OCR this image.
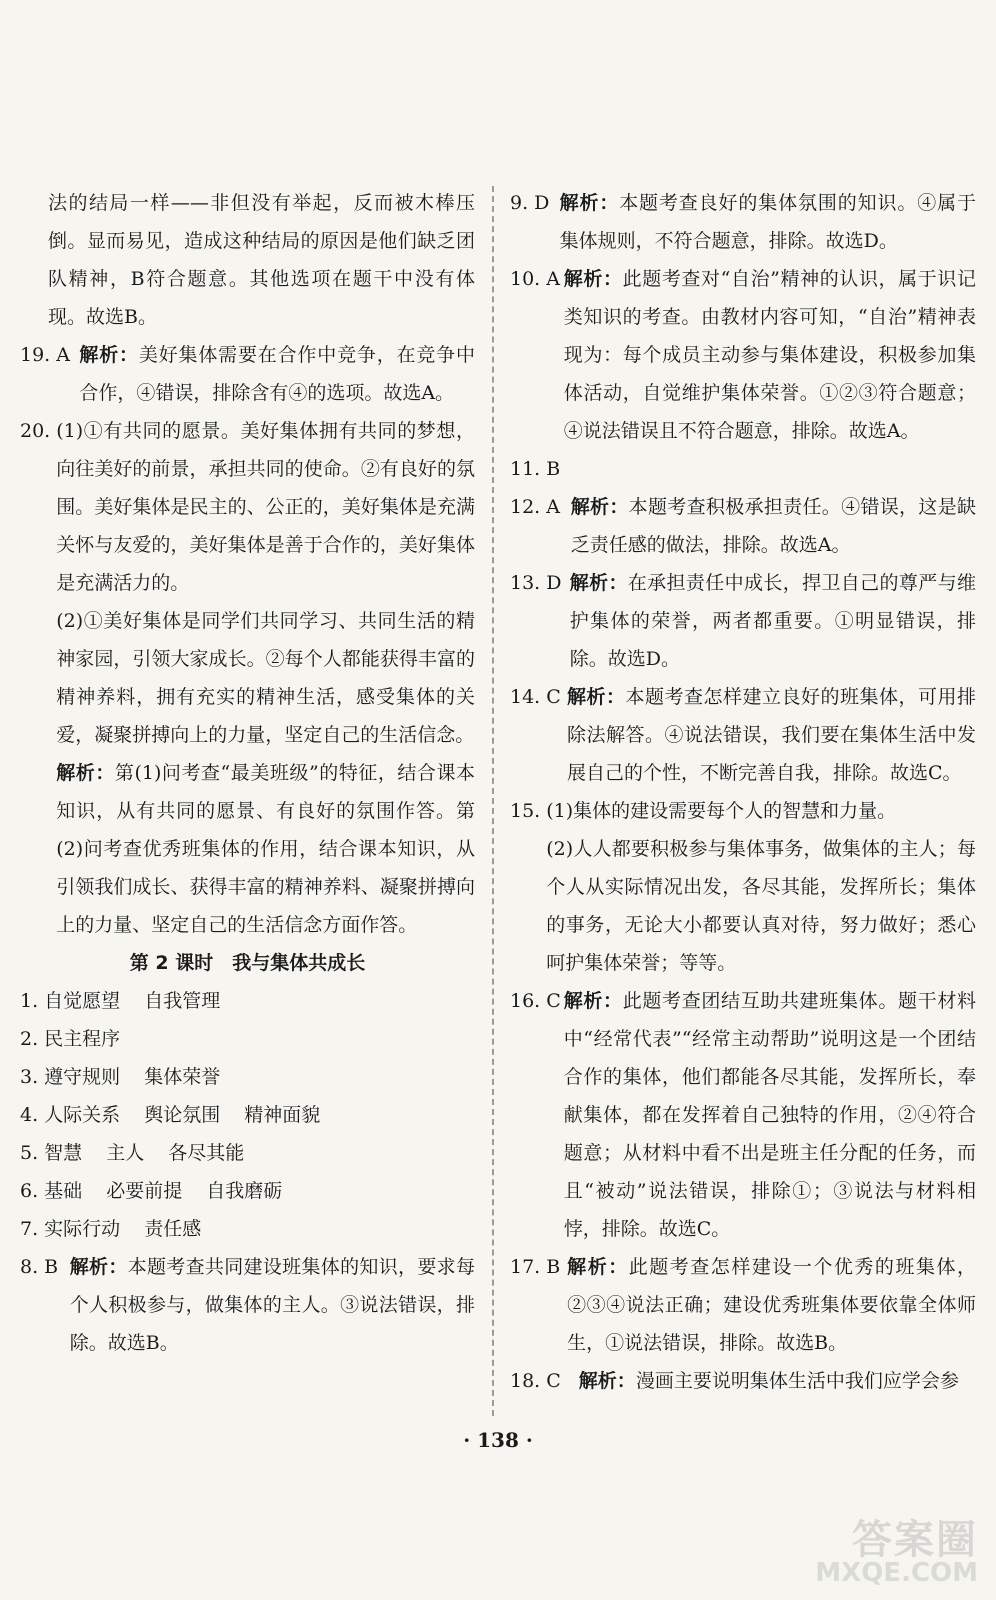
法的结局一样——非但没有举起，反而被木棒压倒。显而易见，造成这种结局的原因是他们缺乏团队精神，B符合题意。其他选项在题干中没有体现。故选B。
19. A 解析：美好集体需要在合作中竞争，在竞争中合作，④错误，排除含有④的选项。故选A。
20. (1)①有共同的愿景。美好集体拥有共同的梦想，向往美好的前景，承担共同的使命。②有良好的氛围。美好集体是民主的、公正的，美好集体是充满关怀与友爱的，美好集体是善于合作的，美好集体是充满活力的。
(2)①美好集体是同学们共同学习、共同生活的精神家园，引领大家成长。②每个人都能获得丰富的精神养料，拥有充实的精神生活，感受集体的关爱，凝聚拼搏向上的力量，坚定自己的生活信念。
解析：第(1)问考查“最美班级”的特征，结合课本知识，从有共同的愿景、有良好的氛围作答。第(2)问考查优秀班集体的作用，结合课本知识，从引领我们成长、获得丰富的精神养料、凝聚拼搏向上的力量、坚定自己的生活信念方面作答。
第 2 课时　我与集体共成长
1. 自觉愿望 自我管理
2. 民主程序
3. 遵守规则 集体荣誉
4. 人际关系 舆论氛围 精神面貌
5. 智慧 主人 各尽其能
6. 基础 必要前提 自我磨砺
7. 实际行动 责任感
8. B 解析：本题考查共同建设班集体的知识，要求每个人积极参与，做集体的主人。③说法错误，排除。故选B。
9. D 解析：本题考查良好的集体氛围的知识。④属于集体规则，不符合题意，排除。故选D。
10. A 解析：此题考查对“自治”精神的认识，属于识记类知识的考查。由教材内容可知，“自治”精神表现为：每个成员主动参与集体建设，积极参加集体活动，自觉维护集体荣誉。①②③符合题意；④说法错误且不符合题意，排除。故选A。
11. B
12. A 解析：本题考查积极承担责任。④错误，这是缺乏责任感的做法，排除。故选A。
13. D 解析：在承担责任中成长，捍卫自己的尊严与维护集体的荣誉，两者都重要。①明显错误，排除。故选D。
14. C 解析：本题考查怎样建立良好的班集体，可用排除法解答。④说法错误，我们要在集体生活中发展自己的个性，不断完善自我，排除。故选C。
15. (1)集体的建设需要每个人的智慧和力量。
(2)人人都要积极参与集体事务，做集体的主人；每个人从实际情况出发，各尽其能，发挥所长；集体的事务，无论大小都要认真对待，努力做好；悉心呵护集体荣誉；等等。
16. C 解析：此题考查团结互助共建班集体。题干材料中“经常代表”“经常主动帮助”说明这是一个团结合作的集体，他们都能各尽其能，发挥所长，奉献集体，都在发挥着自己独特的作用，②④符合题意；从材料中看不出是班主任分配的任务，而且“被动”说法错误，排除①；③说法与材料相悖，排除。故选C。
17. B 解析：此题考查怎样建设一个优秀的班集体，②③④说法正确；建设优秀班集体要依靠全体师生，①说法错误，排除。故选B。
18. C 解析：漫画主要说明集体生活中我们应学会参
· 138 ·
答案圈
MXQE.COM
